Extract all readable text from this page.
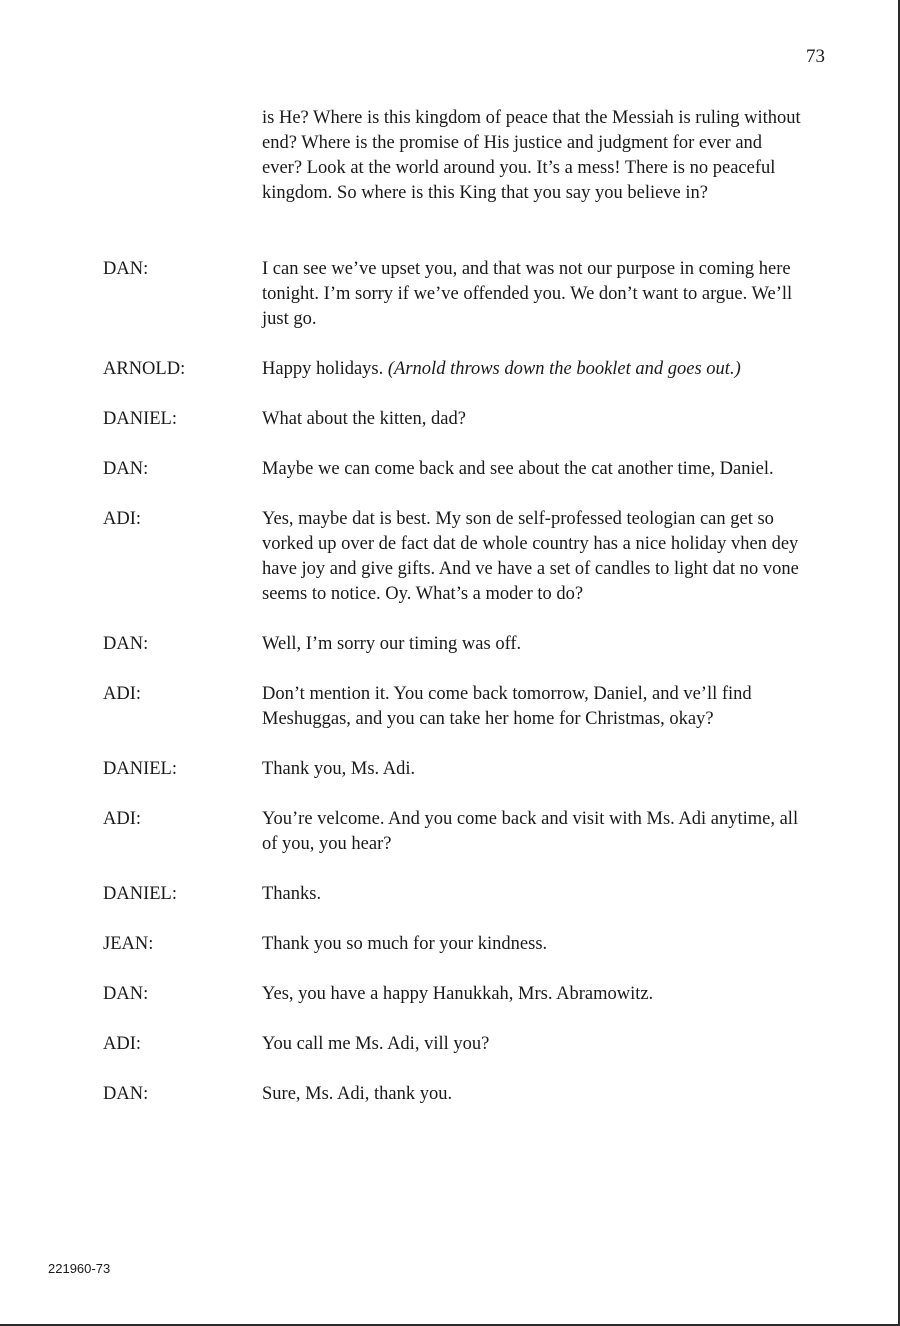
73
is He? Where is this kingdom of peace that the Messiah is ruling without end? Where is the promise of His justice and judgment for ever and ever? Look at the world around you. It’s a mess! There is no peaceful kingdom. So where is this King that you say you believe in?
DAN:	I can see we’ve upset you, and that was not our purpose in coming here tonight. I’m sorry if we’ve offended you. We don’t want to argue. We’ll just go.
ARNOLD:	Happy holidays. (Arnold throws down the booklet and goes out.)
DANIEL:	What about the kitten, dad?
DAN:	Maybe we can come back and see about the cat another time, Daniel.
ADI:	Yes, maybe dat is best. My son de self-professed teologian can get so vorked up over de fact dat de whole country has a nice holiday vhen dey have joy and give gifts. And ve have a set of candles to light dat no vone seems to notice. Oy. What’s a moder to do?
DAN:	Well, I’m sorry our timing was off.
ADI:	Don’t mention it. You come back tomorrow, Daniel, and ve’ll find Meshuggas, and you can take her home for Christmas, okay?
DANIEL:	Thank you, Ms. Adi.
ADI:	You’re velcome. And you come back and visit with Ms. Adi anytime, all of you, you hear?
DANIEL:	Thanks.
JEAN:	Thank you so much for your kindness.
DAN:	Yes, you have a happy Hanukkah, Mrs. Abramowitz.
ADI:	You call me Ms. Adi, vill you?
DAN:	Sure, Ms. Adi, thank you.
221960-73
